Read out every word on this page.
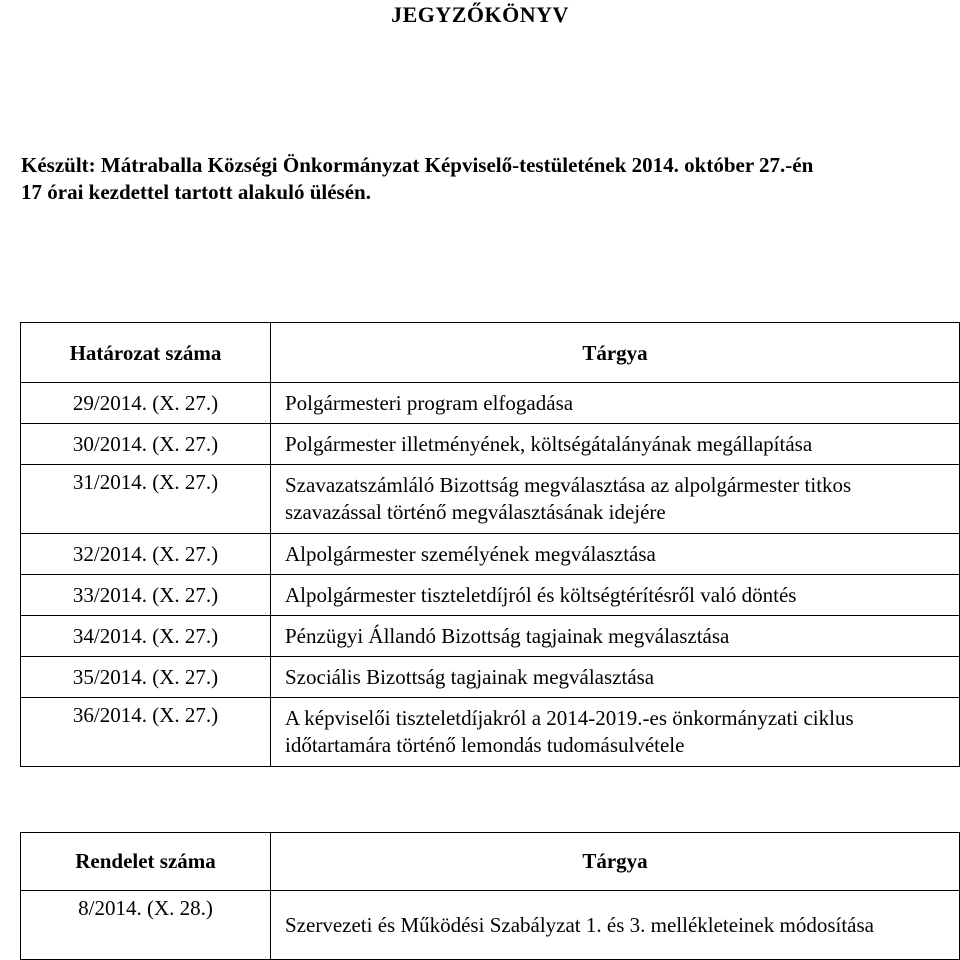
JEGYZŐKÖNYV
Készült: Mátraballa Községi Önkormányzat Képviselő-testületének 2014. október 27.-én
17 órai kezdettel tartott alakuló ülésén.
Határozat száma	Tárgya
29/2014. (X. 27.)	Polgármesteri program elfogadása
30/2014. (X. 27.)	Polgármester illetményének, költségátalányának megállapítása
31/2014. (X. 27.)	Szavazatszámláló Bizottság megválasztása az alpolgármester titkos szavazással történő megválasztásának idejére
32/2014. (X. 27.)	Alpolgármester személyének megválasztása
33/2014. (X. 27.)	Alpolgármester tiszteletdíjról és költségtérítésről való döntés
34/2014. (X. 27.)	Pénzügyi Állandó Bizottság tagjainak megválasztása
35/2014. (X. 27.)	Szociális Bizottság tagjainak megválasztása
36/2014. (X. 27.)	A képviselői tiszteletdíjakról a 2014-2019.-es önkormányzati ciklus időtartamára történő lemondás tudomásulvétele
Rendelet száma	Tárgya
8/2014. (X. 28.)	Szervezeti és Működési Szabályzat 1. és 3. mellékleteinek módosítása
